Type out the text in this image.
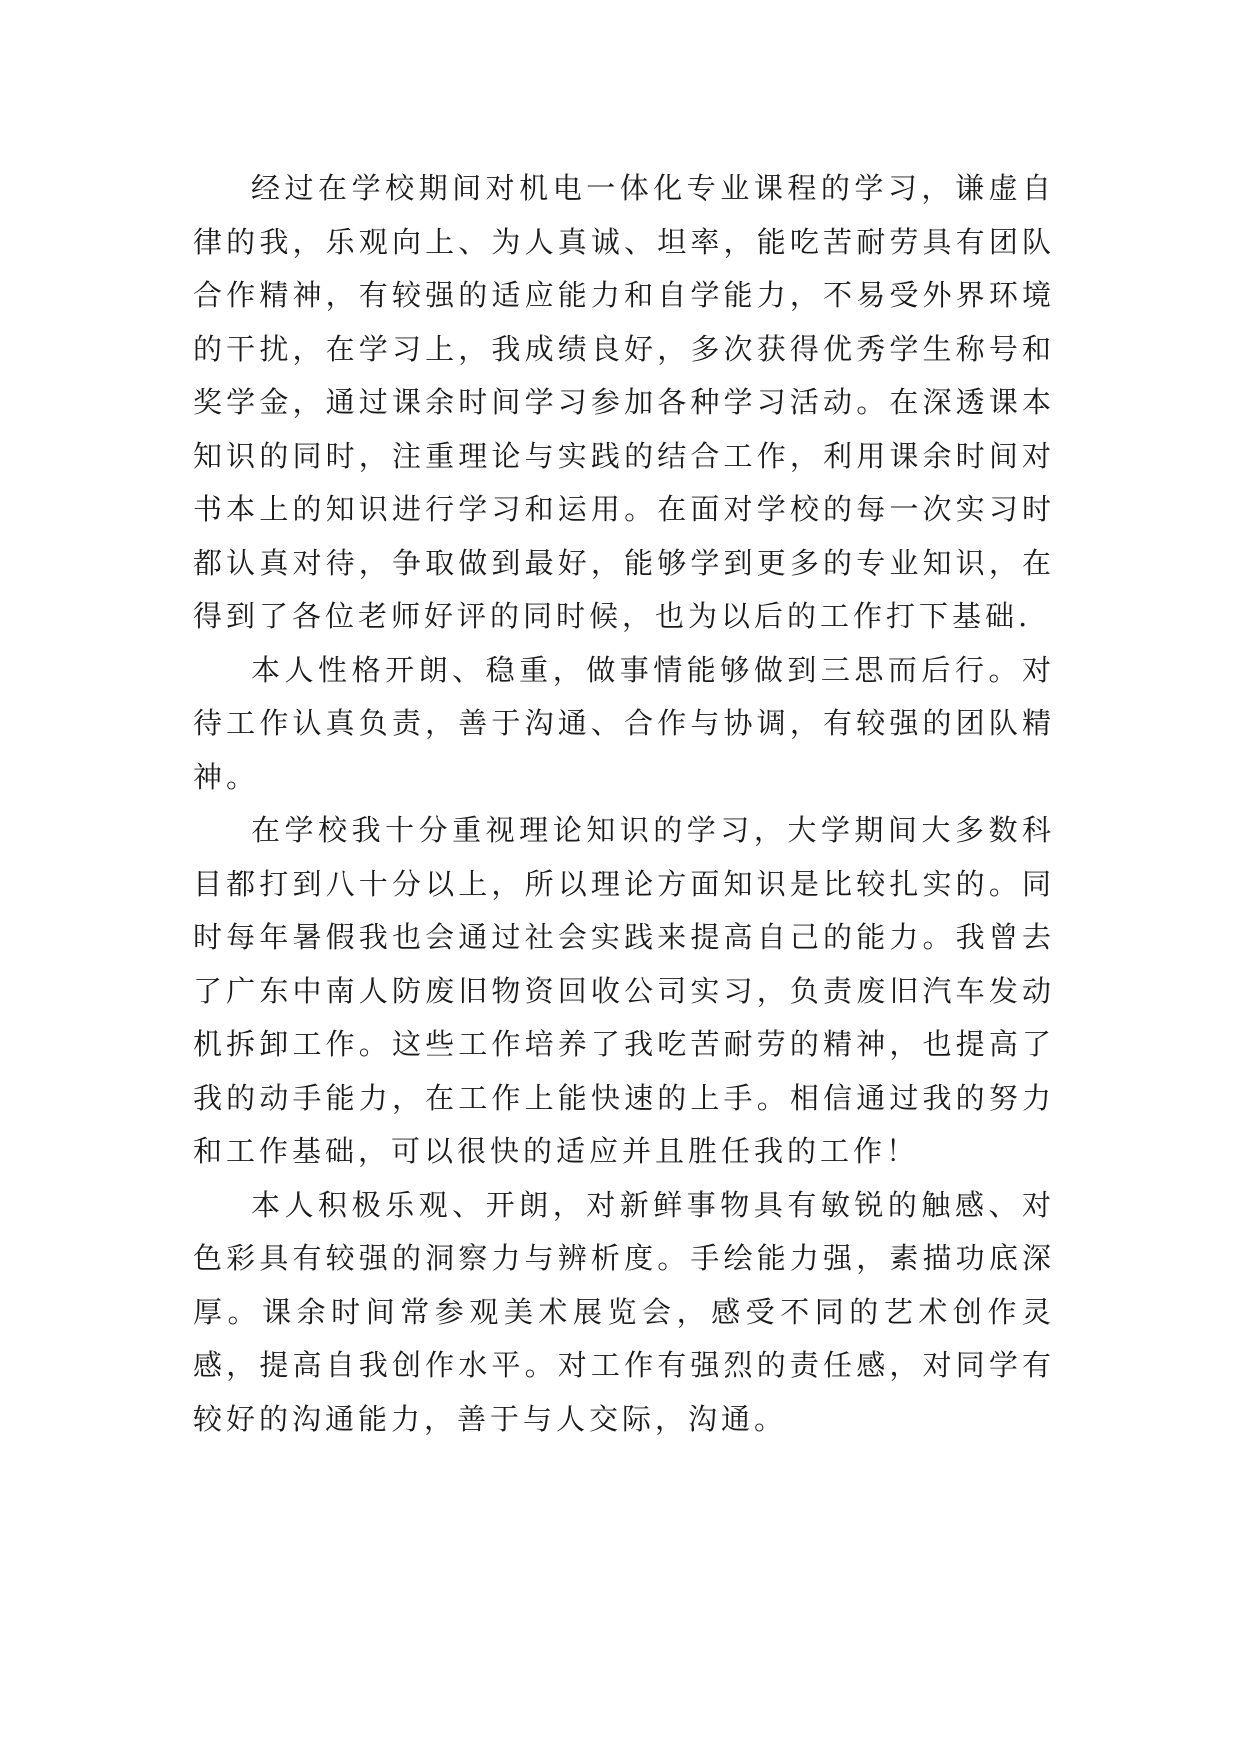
经过在学校期间对机电一体化专业课程的学习，谦虚自律的我，乐观向上、为人真诚、坦率，能吃苦耐劳具有团队合作精神，有较强的适应能力和自学能力，不易受外界环境的干扰，在学习上，我成绩良好，多次获得优秀学生称号和奖学金，通过课余时间学习参加各种学习活动。在深透课本知识的同时，注重理论与实践的结合工作，利用课余时间对书本上的知识进行学习和运用。在面对学校的每一次实习时都认真对待，争取做到最好，能够学到更多的专业知识，在得到了各位老师好评的同时候，也为以后的工作打下基础.

本人性格开朗、稳重，做事情能够做到三思而后行。对待工作认真负责，善于沟通、合作与协调，有较强的团队精神。

在学校我十分重视理论知识的学习，大学期间大多数科目都打到八十分以上，所以理论方面知识是比较扎实的。同时每年暑假我也会通过社会实践来提高自己的能力。我曾去了广东中南人防废旧物资回收公司实习，负责废旧汽车发动机拆卸工作。这些工作培养了我吃苦耐劳的精神，也提高了我的动手能力，在工作上能快速的上手。相信通过我的努力和工作基础，可以很快的适应并且胜任我的工作！

本人积极乐观、开朗，对新鲜事物具有敏锐的触感、对色彩具有较强的洞察力与辨析度。手绘能力强，素描功底深厚。课余时间常参观美术展览会，感受不同的艺术创作灵感，提高自我创作水平。对工作有强烈的责任感，对同学有较好的沟通能力，善于与人交际，沟通。
